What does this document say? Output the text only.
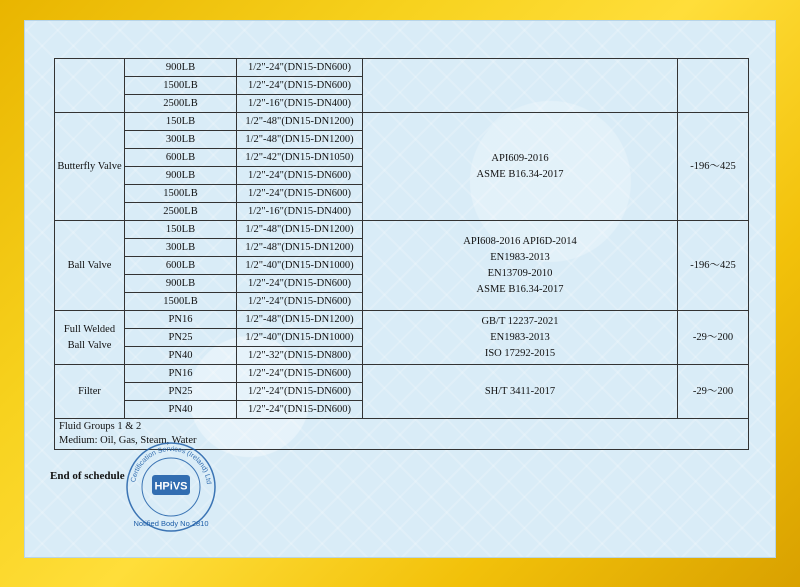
	900LB	1/2"-24"(DN15-DN600)		
	1500LB	1/2"-24"(DN15-DN600)		
	2500LB	1/2"-16"(DN15-DN400)		
Butterfly Valve	150LB	1/2"-48"(DN15-DN1200)	API609-2016
ASME B16.34-2017	-196～425
	300LB	1/2"-48"(DN15-DN1200)		
	600LB	1/2"-42"(DN15-DN1050)		
	900LB	1/2"-24"(DN15-DN600)		
	1500LB	1/2"-24"(DN15-DN600)		
	2500LB	1/2"-16"(DN15-DN400)		
Ball Valve	150LB	1/2"-48"(DN15-DN1200)	API608-2016 API6D-2014
EN1983-2013
EN13709-2010
ASME B16.34-2017	-196～425
	300LB	1/2"-48"(DN15-DN1200)		
	600LB	1/2"-40"(DN15-DN1000)		
	900LB	1/2"-24"(DN15-DN600)		
	1500LB	1/2"-24"(DN15-DN600)		
Full Welded Ball Valve	PN16	1/2"-48"(DN15-DN1200)	GB/T 12237-2021
EN1983-2013
ISO 17292-2015	-29～200
	PN25	1/2"-40"(DN15-DN1000)		
	PN40	1/2"-32"(DN15-DN800)		
Filter	PN16	1/2"-24"(DN15-DN600)	SH/T 3411-2017	-29～200
	PN25	1/2"-24"(DN15-DN600)		
	PN40	1/2"-24"(DN15-DN600)		

Fluid Groups 1 & 2
Medium: Oil, Gas, Steam, Water				
End of schedule Certification Services (Ireland) Ltd
Notified Body No.2810
HPiVS
